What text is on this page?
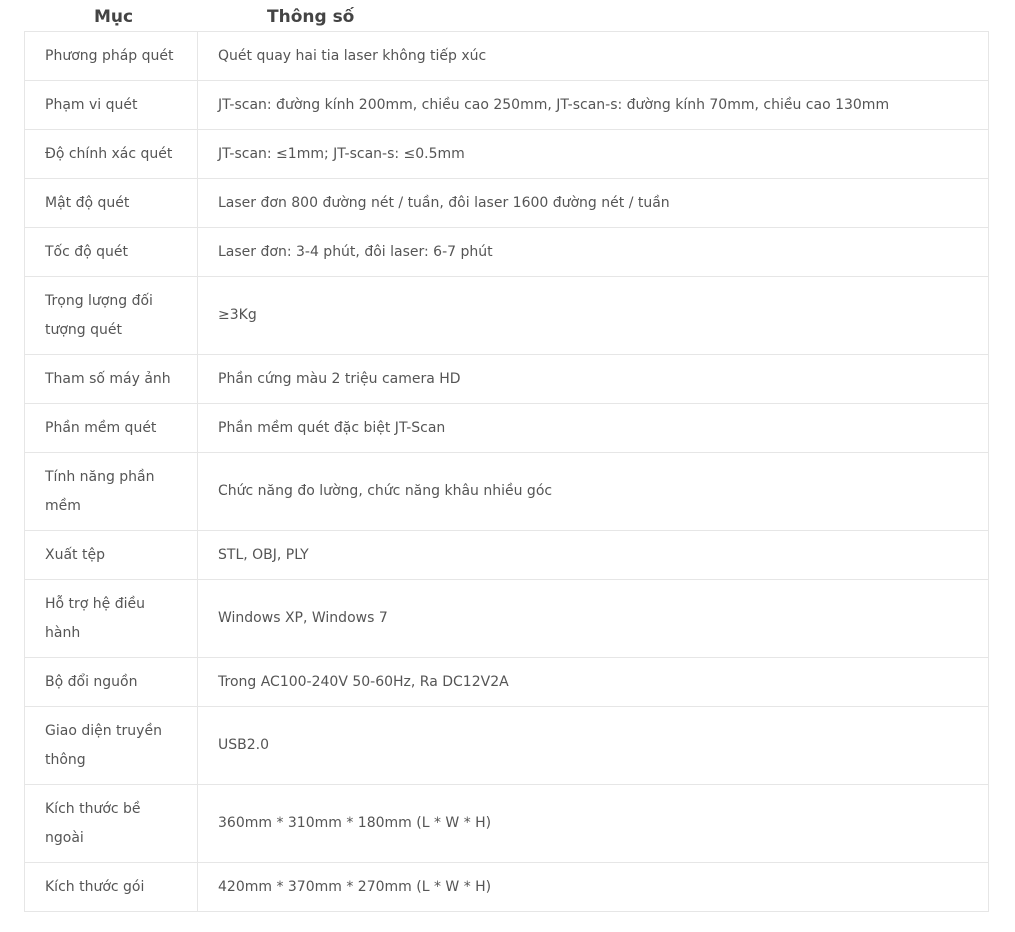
Mục	Thông số
Phương pháp quét	Quét quay hai tia laser không tiếp xúc

Phạm vi quét	JT-scan: đường kính 200mm, chiều cao 250mm, JT-scan-s: đường kính 70mm, chiều cao 130mm

Độ chính xác quét	JT-scan: ≤1mm; JT-scan-s: ≤0.5mm

Mật độ quét	Laser đơn 800 đường nét / tuần, đôi laser 1600 đường nét / tuần

Tốc độ quét	Laser đơn: 3-4 phút, đôi laser: 6-7 phút

Trọng lượng đối tượng quét	≥3Kg

Tham số máy ảnh	Phần cứng màu 2 triệu camera HD

Phần mềm quét	Phần mềm quét đặc biệt JT-Scan

Tính năng phần mềm	Chức năng đo lường, chức năng khâu nhiều góc

Xuất tệp	STL, OBJ, PLY

Hỗ trợ hệ điều hành	Windows XP, Windows 7

Bộ đổi nguồn	Trong AC100-240V 50-60Hz, Ra DC12V2A

Giao diện truyền thông	USB2.0

Kích thước bề ngoài	360mm * 310mm * 180mm (L * W * H)

Kích thước gói	420mm * 370mm * 270mm (L * W * H)
